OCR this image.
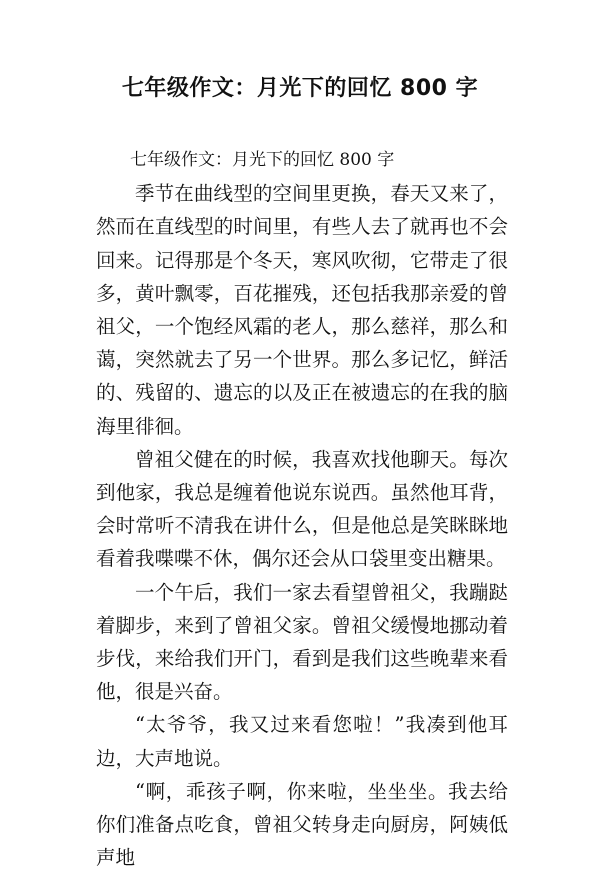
七年级作文：月光下的回忆 800 字

七年级作文：月光下的回忆 800 字

季节在曲线型的空间里更换，春天又来了，然而在直线型的时间里，有些人去了就再也不会回来。记得那是个冬天，寒风吹彻，它带走了很多，黄叶飘零，百花摧残，还包括我那亲爱的曾祖父，一个饱经风霜的老人，那么慈祥，那么和蔼，突然就去了另一个世界。那么多记忆，鲜活的、残留的、遗忘的以及正在被遗忘的在我的脑海里徘徊。

曾祖父健在的时候，我喜欢找他聊天。每次到他家，我总是缠着他说东说西。虽然他耳背，会时常听不清我在讲什么，但是他总是笑眯眯地看着我喋喋不休，偶尔还会从口袋里变出糖果。

一个午后，我们一家去看望曾祖父，我蹦跶着脚步，来到了曾祖父家。曾祖父缓慢地挪动着步伐，来给我们开门，看到是我们这些晚辈来看他，很是兴奋。

“太爷爷，我又过来看您啦！”我凑到他耳边，大声地说。

“啊，乖孩子啊，你来啦，坐坐坐。我去给你们准备点吃食，曾祖父转身走向厨房，阿姨低声地
